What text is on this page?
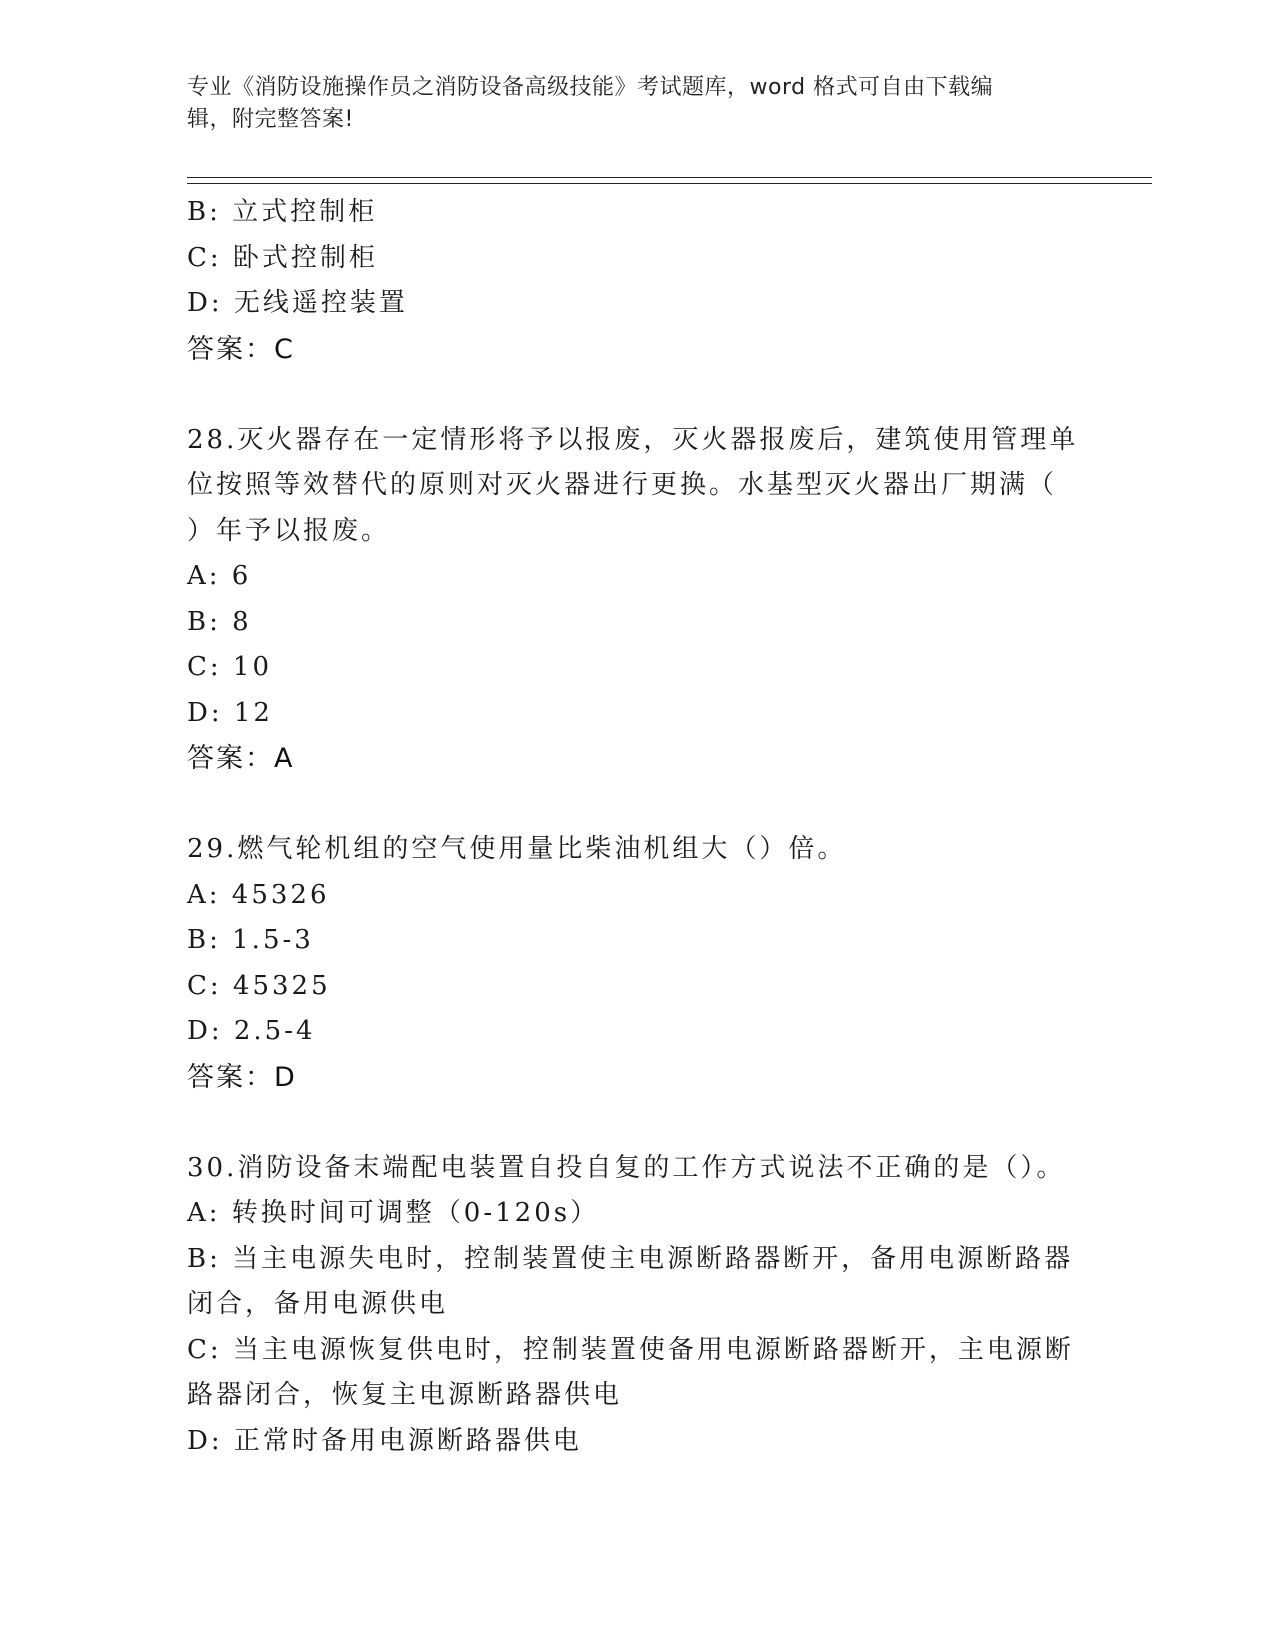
专业《消防设施操作员之消防设备高级技能》考试题库，word 格式可自由下载编
辑，附完整答案!
B: 立式控制柜
C: 卧式控制柜
D: 无线遥控装置
答案：C
28.灭火器存在一定情形将予以报废，灭火器报废后，建筑使用管理单
位按照等效替代的原则对灭火器进行更换。水基型灭火器出厂期满（
）年予以报废。
A: 6
B: 8
C: 10
D: 12
答案：A
29.燃气轮机组的空气使用量比柴油机组大（）倍。
A: 45326
B: 1.5-3
C: 45325
D: 2.5-4
答案：D
30.消防设备末端配电装置自投自复的工作方式说法不正确的是（）。
A: 转换时间可调整（0-120s）
B: 当主电源失电时，控制装置使主电源断路器断开，备用电源断路器
闭合，备用电源供电
C: 当主电源恢复供电时，控制装置使备用电源断路器断开，主电源断
路器闭合，恢复主电源断路器供电
D: 正常时备用电源断路器供电
